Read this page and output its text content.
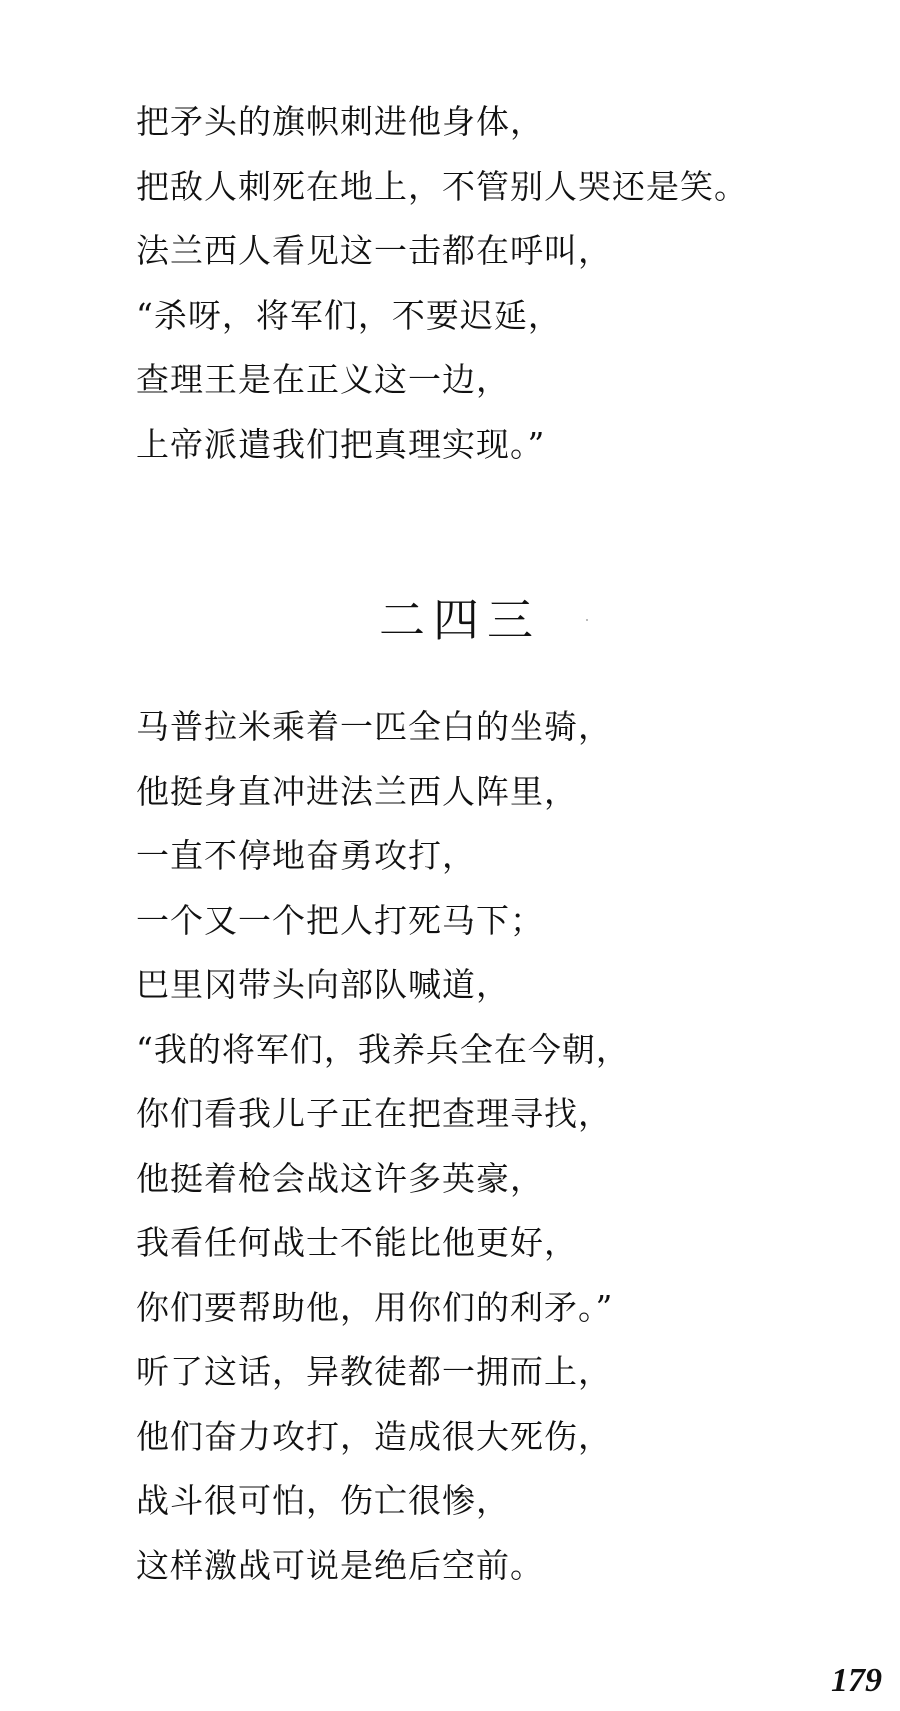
把矛头的旗帜刺进他身体，
把敌人刺死在地上，不管别人哭还是笑。
法兰西人看见这一击都在呼叫，
“杀呀，将军们，不要迟延，
查理王是在正义这一边，
上帝派遣我们把真理实现。”
二四三
马普拉米乘着一匹全白的坐骑，
他挺身直冲进法兰西人阵里，
一直不停地奋勇攻打，
一个又一个把人打死马下；
巴里冈带头向部队喊道，
“我的将军们，我养兵全在今朝，
你们看我儿子正在把查理寻找，
他挺着枪会战这许多英豪，
我看任何战士不能比他更好，
你们要帮助他，用你们的利矛。”
听了这话，异教徒都一拥而上，
他们奋力攻打，造成很大死伤，
战斗很可怕，伤亡很惨，
这样激战可说是绝后空前。
179
